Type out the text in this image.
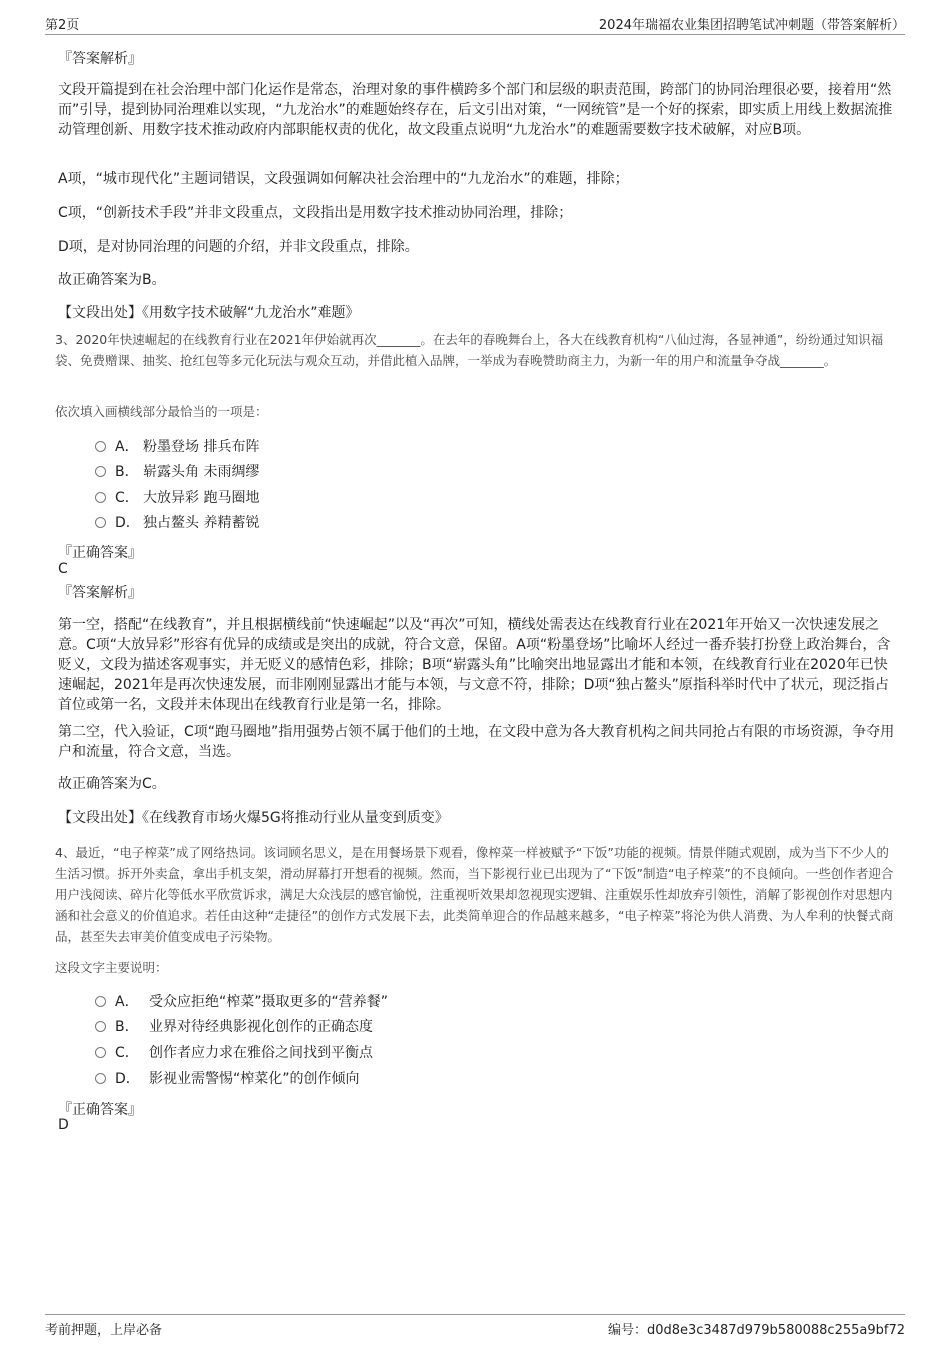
第2页	2024年瑞福农业集团招聘笔试冲刺题（带答案解析）
『答案解析』
文段开篇提到在社会治理中部门化运作是常态，治理对象的事件横跨多个部门和层级的职责范围，跨部门的协同治理很必要，接着用“然而”引导，提到协同治理难以实现，“九龙治水”的难题始终存在，后文引出对策，“一网统管”是一个好的探索，即实质上用线上数据流推动管理创新、用数字技术推动政府内部职能权责的优化，故文段重点说明“九龙治水”的难题需要数字技术破解，对应B项。
A项，“城市现代化”主题词错误，文段强调如何解决社会治理中的“九龙治水”的难题，排除；
C项，“创新技术手段”并非文段重点，文段指出是用数字技术推动协同治理，排除；
D项，是对协同治理的问题的介绍，并非文段重点，排除。
故正确答案为B。
【文段出处】《用数字技术破解“九龙治水”难题》
3、2020年快速崛起的在线教育行业在2021年伊始就再次_______。在去年的春晚舞台上，各大在线教育机构“八仙过海，各显神通”，纷纷通过知识福袋、免费赠课、抽奖、抢红包等多元化玩法与观众互动，并借此植入品牌，一举成为春晚赞助商主力，为新一年的用户和流量争夺战_______。
依次填入画横线部分最恰当的一项是：
A． 粉墨登场 排兵布阵
B． 崭露头角 未雨绸缪
C． 大放异彩 跑马圈地
D． 独占鳌头 养精蓄锐
『正确答案』
C
『答案解析』
第一空，搭配“在线教育”，并且根据横线前“快速崛起”以及“再次”可知，横线处需表达在线教育行业在2021年开始又一次快速发展之意。C项“大放异彩”形容有优异的成绩或是突出的成就，符合文意，保留。A项“粉墨登场”比喻坏人经过一番乔装打扮登上政治舞台，含贬义，文段为描述客观事实，并无贬义的感情色彩，排除；B项“崭露头角”比喻突出地显露出才能和本领，在线教育行业在2020年已快速崛起，2021年是再次快速发展，而非刚刚显露出才能与本领，与文意不符，排除；D项“独占鳌头”原指科举时代中了状元，现泛指占首位或第一名，文段并未体现出在线教育行业是第一名，排除。
第二空，代入验证，C项“跑马圈地”指用强势占领不属于他们的土地，在文段中意为各大教育机构之间共同抢占有限的市场资源，争夺用户和流量，符合文意，当选。
故正确答案为C。
【文段出处】《在线教育市场火爆5G将推动行业从量变到质变》
4、最近，“电子榨菜”成了网络热词。该词顾名思义，是在用餐场景下观看，像榨菜一样被赋予“下饭”功能的视频。情景伴随式观剧，成为当下不少人的生活习惯。拆开外卖盒，拿出手机支架，滑动屏幕打开想看的视频。然而，当下影视行业已出现为了“下饭”制造“电子榨菜”的不良倾向。一些创作者迎合用户浅阅读、碎片化等低水平欣赏诉求，满足大众浅层的感官愉悦，注重视听效果却忽视现实逻辑、注重娱乐性却放弃引领性，消解了影视创作对思想内涵和社会意义的价值追求。若任由这种“走捷径”的创作方式发展下去，此类简单迎合的作品越来越多，“电子榨菜”将沦为供人消费、为人牟利的快餐式商品，甚至失去审美价值变成电子污染物。
这段文字主要说明：
A． 受众应拒绝“榨菜”摄取更多的“营养餐”
B． 业界对待经典影视化创作的正确态度
C． 创作者应力求在雅俗之间找到平衡点
D． 影视业需警惕“榨菜化”的创作倾向
『正确答案』
D
考前押题，上岸必备	编号：d0d8e3c3487d979b580088c255a9bf72
